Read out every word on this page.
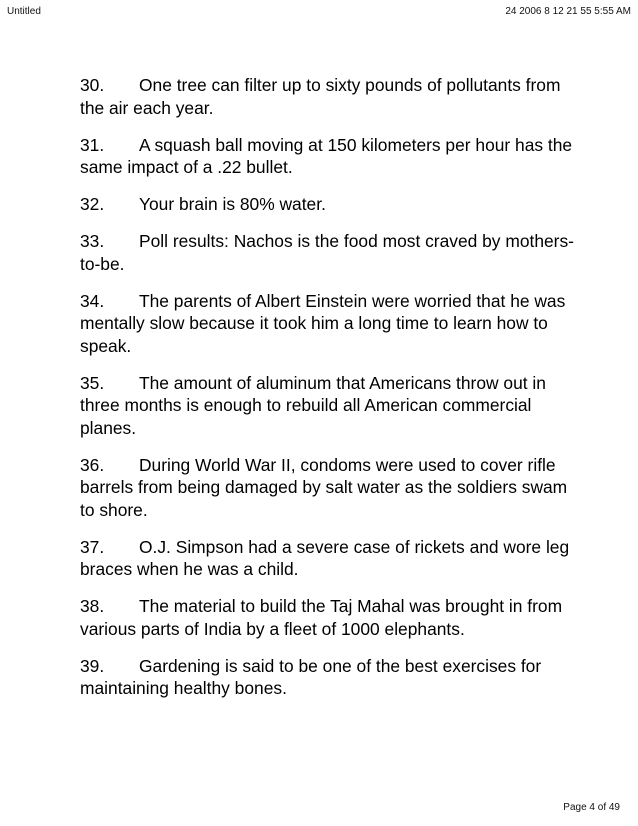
Untitled	24 2006 8 12 21 55 5:55 AM

30. One tree can filter up to sixty pounds of pollutants from the air each year.

31. A squash ball moving at 150 kilometers per hour has the same impact of a .22 bullet.

32. Your brain is 80% water.

33. Poll results: Nachos is the food most craved by mothers-to-be.

34. The parents of Albert Einstein were worried that he was mentally slow because it took him a long time to learn how to speak.

35. The amount of aluminum that Americans throw out in three months is enough to rebuild all American commercial planes.

36. During World War II, condoms were used to cover rifle barrels from being damaged by salt water as the soldiers swam to shore.

37. O.J. Simpson had a severe case of rickets and wore leg braces when he was a child.

38. The material to build the Taj Mahal was brought in from various parts of India by a fleet of 1000 elephants.

39. Gardening is said to be one of the best exercises for maintaining healthy bones.

Page 4 of 49
